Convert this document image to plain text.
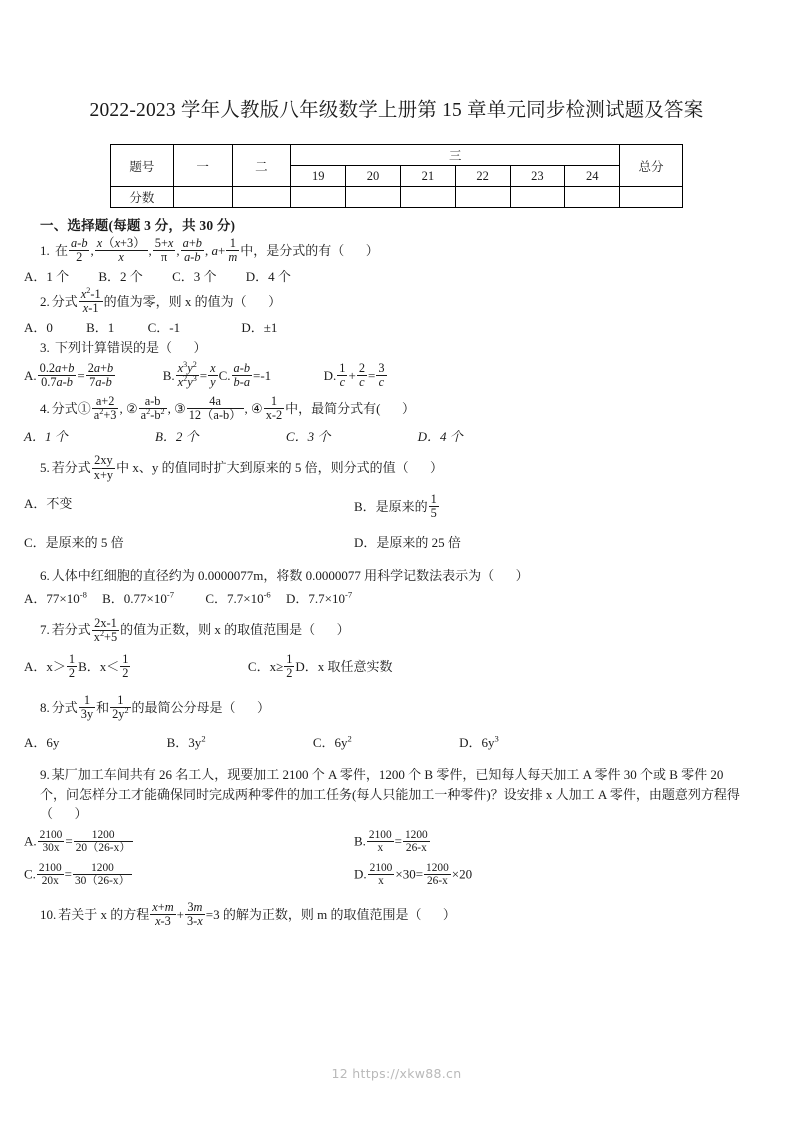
2022-2023 学年人教版八年级数学上册第 15 章单元同步检测试题及答案
题号	一	二	三						总分
			19	20	21	22	23	24	
分数									
一、选择题(每题 3 分，共 30 分)
1. 在 $\frac{a-b}{2}$ , $\frac{x(x+3)}{x}$ , $\frac{5+x}{\pi}$ , $\frac{a+b}{a-b}$ , $a+ \frac{1}{m}$ 中，是分式的有（ ）
A．1 个 B．2 个 C．3 个 D．4 个
2. 分式 $\frac{x^2-1}{x-1}$ 的值为零，则 x 的值为（ ）
A．0	B．1	C．-1	D．±1
3. 下列计算错误的是（ ）
A. $\frac{0.2a+b}{0.7a-b} = \frac{2a+b}{7a-b}$	B. $\frac{x^3y^2}{x^2y^3} = \frac{x}{y} C$. $\frac{a-b}{b-a} =-1$	D. $\frac{1}{c} + \frac{2}{c} = \frac{3}{c}$
4. 分式① $\frac{a+2}{a^2+3}$ , ② $\frac{a-b}{a^2-b^2}$ , ③ $\frac{4a}{12(a-b)}$ , ④ $\frac{1}{x-2}$ 中，最简分式有( ）
A．1 个	B．2 个	C．3 个	D．4 个
5. 若分式 $\frac{2xy}{x+y}$ 中 x、y 的值同时扩大到原来的 5 倍，则分式的值（ ）
A．不变	B．是原来的 $\frac{1}{5}$
C．是原来的 5 倍	D．是原来的 25 倍
6. 人体中红细胞的直径约为 0.0000077m，将数 0.0000077 用科学记数法表示为（ ）
A．$77\times 10^{-8}$ B．$0.77\times 10^{-7}$ C．$7.7\times 10^{-6}$ D．$7.7\times 10^{-7}$
7. 若分式 $\frac{2x-1}{x^2+5}$ 的值为正数，则 x 的取值范围是（ ）
A．$x> \frac{1}{2}$ B．$x< \frac{1}{2}$	C．$x\ge \frac{1}{2}$ D．x 取任意实数
8. 分式 $\frac{1}{3y}$ 和 $\frac{1}{2y^2}$ 的最简公分母是（ ）
A．6y	B．$3y^2$	C．$6y^2$	D．$6y^3$
9. 某厂加工车间共有 26 名工人，现要加工 2100 个 A 零件，1200 个 B 零件，已知每人每天加工 A 零件 30 个或 B 零件 20 个，问怎样分工才能确保同时完成两种零件的加工任务(每人只能加工一种零件)？设安排 x 人加工 A 零件，由题意列方程得（ ）
A. $\frac{2100}{30x} = \frac{1200}{20(26-x)}$	B. $\frac{2100}{x} = \frac{1200}{26-x}$
C. $\frac{2100}{20x} = \frac{1200}{30(26-x)}$	D. $\frac{2100}{x} \times 30= \frac{1200}{26-x} \times 20$
10. 若关于 x 的方程 $\frac{x+m}{x-3} + \frac{3m}{3-x} =3$ 的解为正数，则 m 的取值范围是（ ）
12 https://xkw88.cn
